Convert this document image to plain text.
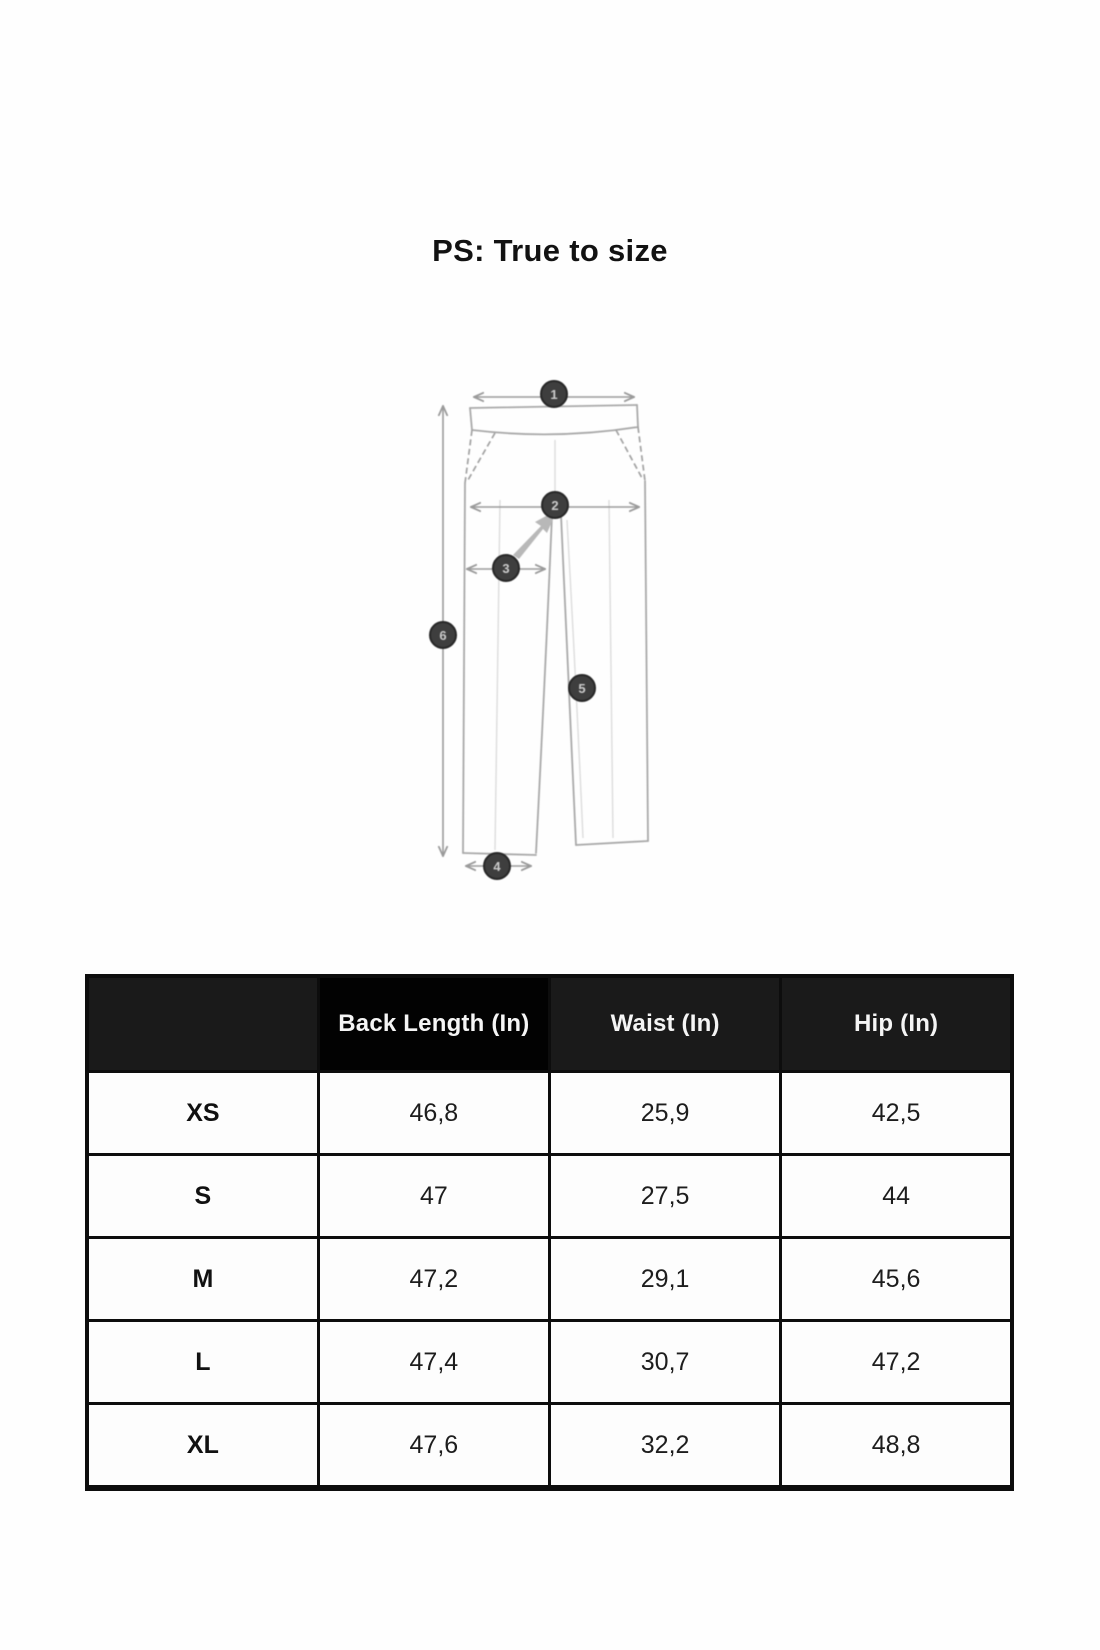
PS: True to size
1
2
3
4
5
6
	Back Length (In)	Waist (In)	Hip (In)
XS	46,8	25,9	42,5
S	47	27,5	44
M	47,2	29,1	45,6
L	47,4	30,7	47,2
XL	47,6	32,2	48,8
